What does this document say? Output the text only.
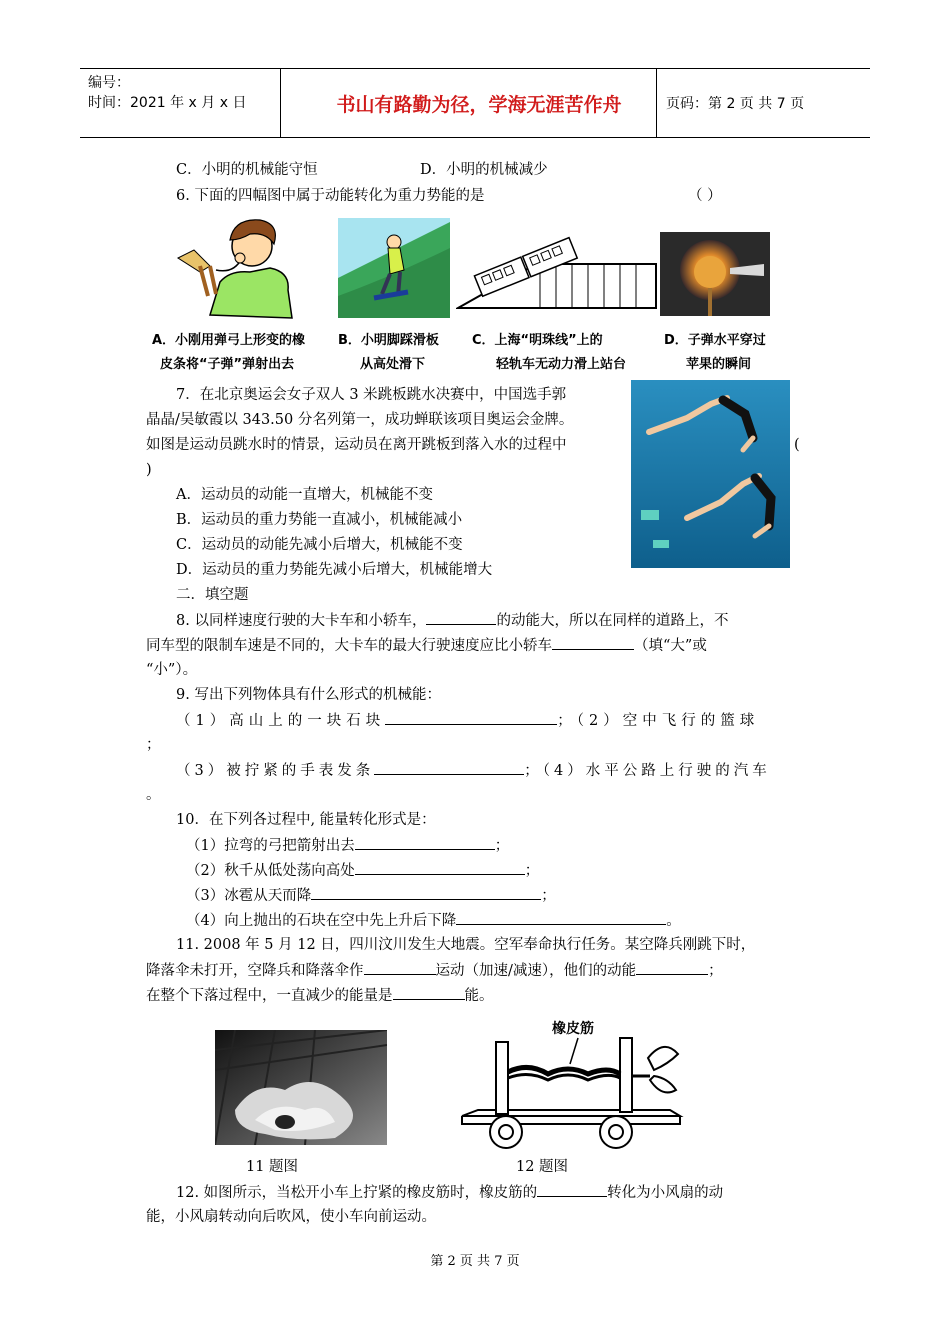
编号：
时间：2021 年 x 月 x 日	书山有路勤为径，学海无涯苦作舟	页码：第 2 页 共 7 页
C．小明的机械能守恒	D．小明的机械减少
6. 下面的四幅图中属于动能转化为重力势能的是	（ ）
A．小刚用弹弓上形变的橡
皮条将“子弹”弹射出去
B．小明脚踩滑板
从高处滑下
C．上海“明珠线”上的
轻轨车无动力滑上站台
D．子弹水平穿过
苹果的瞬间
7．在北京奥运会女子双人 3 米跳板跳水决赛中，中国选手郭
晶晶/吴敏霞以 343.50 分名列第一，成功蝉联该项目奥运会金牌。
如图是运动员跳水时的情景，运动员在离开跳板到落入水的过程中	(
)
A．运动员的动能一直增大，机械能不变
B．运动员的重力势能一直减小，机械能减小
C．运动员的动能先减小后增大，机械能不变
D．运动员的重力势能先减小后增大，机械能增大
二．填空题
8. 以同样速度行驶的大卡车和小轿车，	的动能大，所以在同样的道路上，不
同车型的限制车速是不同的，大卡车的最大行驶速度应比小轿车	（填“大”或
“小”）。
9. 写出下列物体具有什么形式的机械能：
（1）高山上的一块石块	；（2）空中飞行的篮球
；
（3）被拧紧的手表发条	；（4）水平公路上行驶的汽车
。
10．在下列各过程中, 能量转化形式是：
（1）拉弯的弓把箭射出去	；
（2）秋千从低处荡向高处	；
（3）冰雹从天而降	；
（4）向上抛出的石块在空中先上升后下降	。
11. 2008 年 5 月 12 日，四川汶川发生大地震。空军奉命执行任务。某空降兵刚跳下时，
降落伞未打开，空降兵和降落伞作	运动（加速/减速），他们的动能	；
在整个下落过程中，一直减少的能量是	能。
橡皮筋
11 题图	12 题图
12. 如图所示，当松开小车上拧紧的橡皮筋时，橡皮筋的	转化为小风扇的动
能，小风扇转动向后吹风，使小车向前运动。
第 2 页 共 7 页
